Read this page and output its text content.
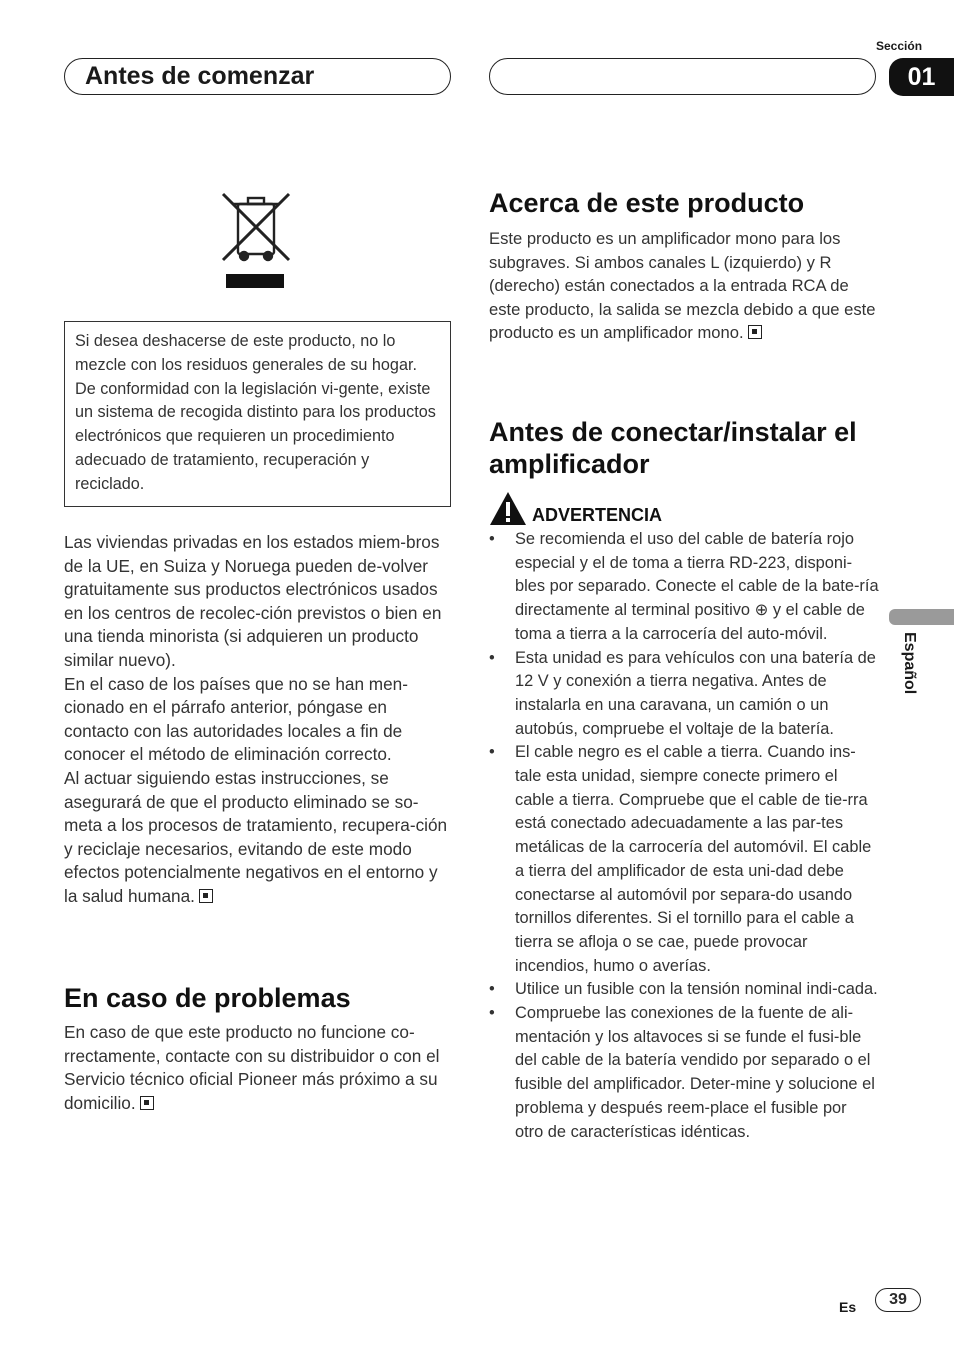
Antes de comenzar
Sección
01
Si desea deshacerse de este producto, no lo mezcle con los residuos generales de su hogar. De conformidad con la legislación vi-gente, existe un sistema de recogida distinto para los productos electrónicos que requieren un procedimiento adecuado de tratamiento, recuperación y reciclado.
Las viviendas privadas en los estados miem-bros de la UE, en Suiza y Noruega pueden de-volver gratuitamente sus productos electrónicos usados en los centros de recolec-ción previstos o bien en una tienda minorista (si adquieren un producto similar nuevo).
En el caso de los países que no se han men-cionado en el párrafo anterior, póngase en contacto con las autoridades locales a fin de conocer el método de eliminación correcto.
Al actuar siguiendo estas instrucciones, se asegurará de que el producto eliminado se so-meta a los procesos de tratamiento, recupera-ción y reciclaje necesarios, evitando de este modo efectos potencialmente negativos en el entorno y la salud humana.
En caso de problemas
En caso de que este producto no funcione co-rrectamente, contacte con su distribuidor o con el Servicio técnico oficial Pioneer más próximo a su domicilio.
Acerca de este producto
Este producto es un amplificador mono para los subgraves. Si ambos canales L (izquierdo) y R (derecho) están conectados a la entrada RCA de este producto, la salida se mezcla debido a que este producto es un amplificador mono.
Antes de conectar/instalar el amplificador
ADVERTENCIA
• Se recomienda el uso del cable de batería rojo especial y el de toma a tierra RD-223, disponi-bles por separado. Conecte el cable de la bate-ría directamente al terminal positivo ⊕ y el cable de toma a tierra a la carrocería del auto-móvil.
• Esta unidad es para vehículos con una batería de 12 V y conexión a tierra negativa. Antes de instalarla en una caravana, un camión o un autobús, compruebe el voltaje de la batería.
• El cable negro es el cable a tierra. Cuando ins-tale esta unidad, siempre conecte primero el cable a tierra. Compruebe que el cable de tie-rra está conectado adecuadamente a las par-tes metálicas de la carrocería del automóvil. El cable a tierra del amplificador de esta uni-dad debe conectarse al automóvil por separa-do usando tornillos diferentes. Si el tornillo para el cable a tierra se afloja o se cae, puede provocar incendios, humo o averías.
• Utilice un fusible con la tensión nominal indi-cada.
• Compruebe las conexiones de la fuente de ali-mentación y los altavoces si se funde el fusi-ble del cable de la batería vendido por separado o el fusible del amplificador. Deter-mine y solucione el problema y después reem-place el fusible por otro de características idénticas.
Español
Es	39
